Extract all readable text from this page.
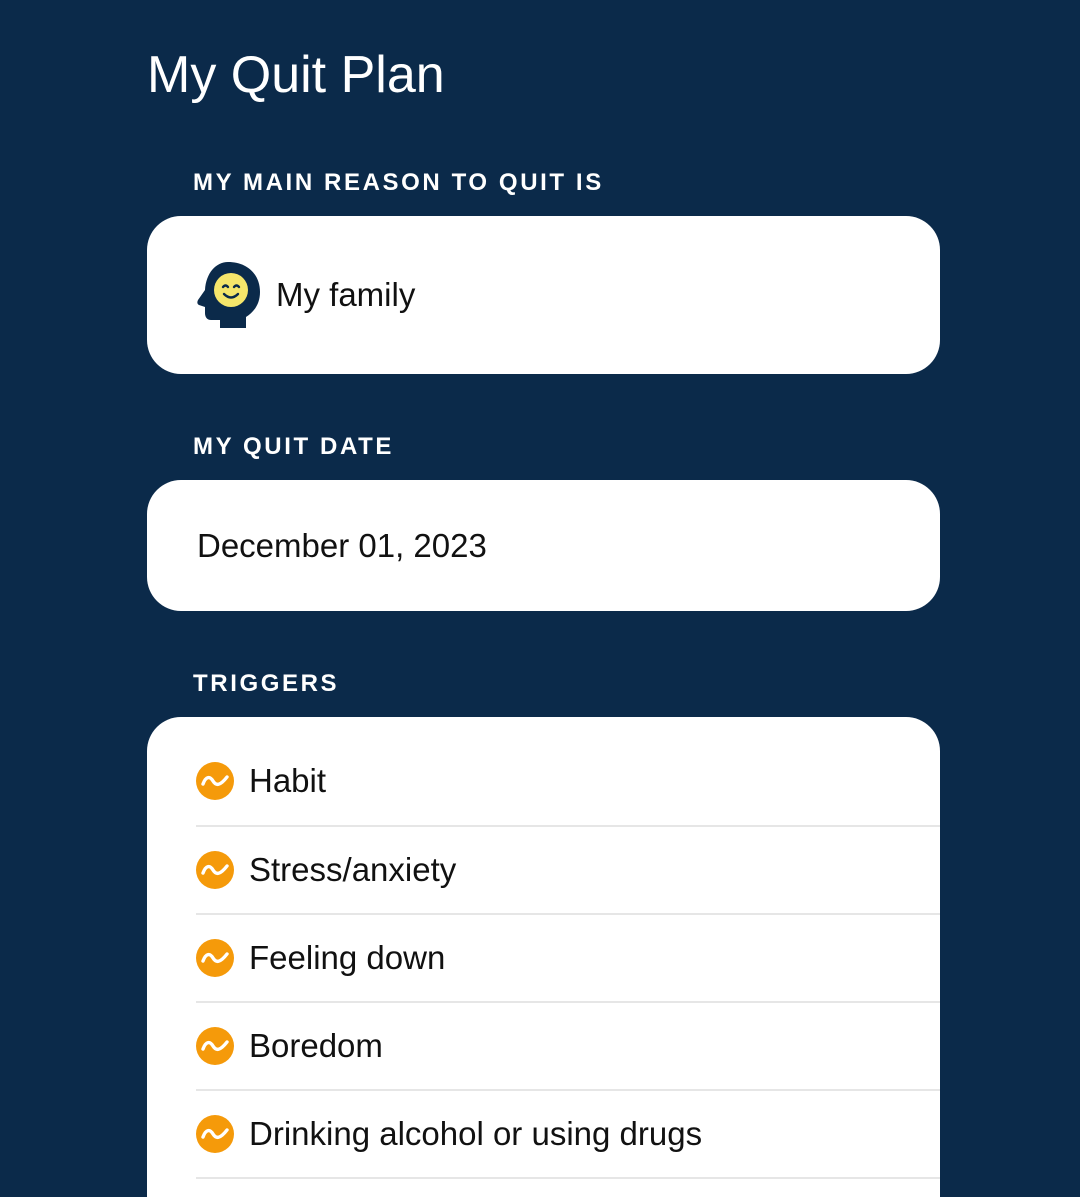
My Quit Plan
MY MAIN REASON TO QUIT IS
My family
MY QUIT DATE
December 01, 2023
TRIGGERS
Habit
Stress/anxiety
Feeling down
Boredom
Drinking alcohol or using drugs
